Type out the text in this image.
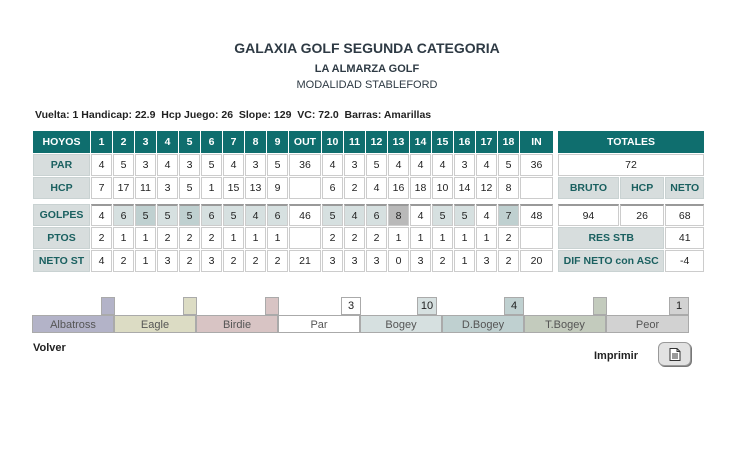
GALAXIA GOLF SEGUNDA CATEGORIA
LA ALMARZA GOLF
MODALIDAD STABLEFORD
Vuelta: 1 Handicap: 22.9 Hcp Juego: 26 Slope: 129 VC: 72.0 Barras: Amarillas
HOYOS	1	2	3	4	5	6	7	8	9	OUT	10	11	12	13	14	15	16	17	18	IN		TOTALES		
PAR	4	5	3	4	3	5	4	3	5	36	4	3	5	4	4	4	3	4	5	36		72		
HCP	7	17	11	3	5	1	15	13	9		6	2	4	16	18	10	14	12	8			BRUTO	HCP	NETO

GOLPES	4	6	5	5	5	6	5	4	6	46	5	4	6	8	4	5	5	4	7	48		94	26	68
PTOS	2	1	1	2	2	2	1	1	1		2	2	2	1	1	1	1	1	2			RES STB		41
NETO ST	4	2	1	3	2	3	2	2	2	21	3	3	3	0	3	2	1	3	2	20		DIF NETO con ASC		-4
3	10	4	1
Albatross	Eagle	Birdie	Par	Bogey	D.Bogey	T.Bogey	Peor
Volver
Imprimir
